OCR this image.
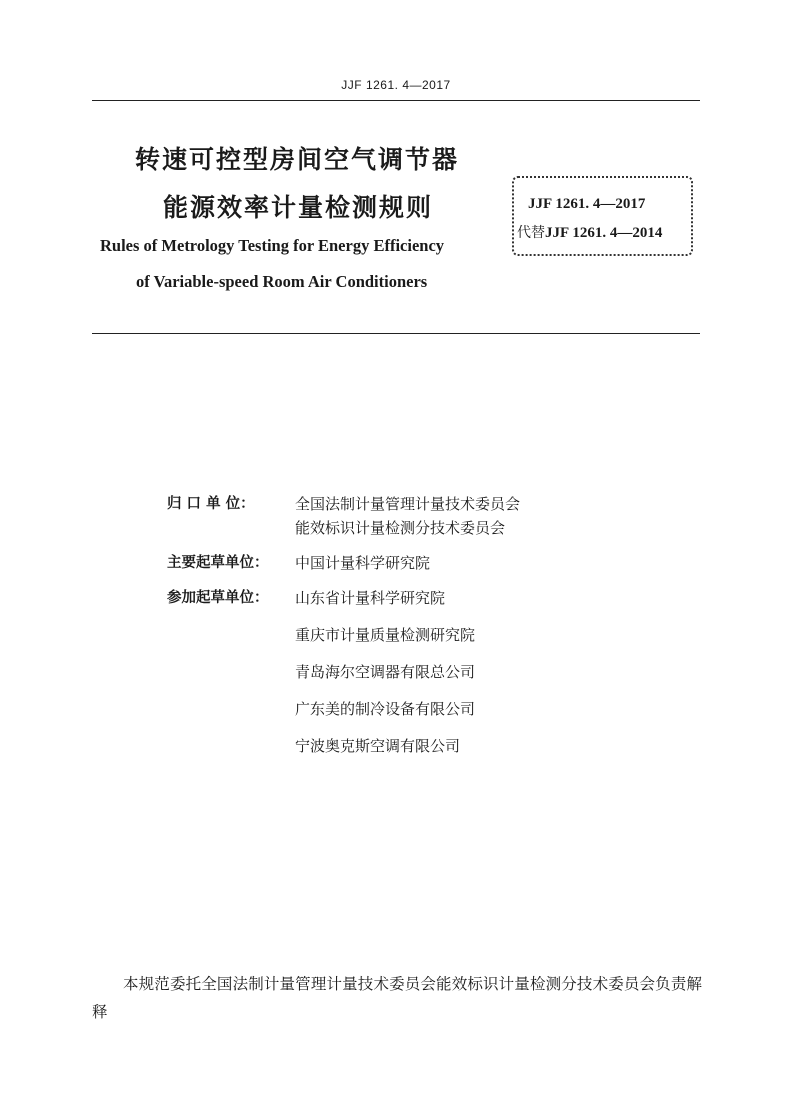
JJF 1261. 4—2017
转速可控型房间空气调节器
能源效率计量检测规则
Rules of Metrology Testing for Energy Efficiency
of Variable-speed Room Air Conditioners
JJF 1261. 4—2017
代替JJF 1261. 4—2014
归 口 单 位：	全国法制计量管理计量技术委员会
能效标识计量检测分技术委员会
主要起草单位：	中国计量科学研究院
参加起草单位：	山东省计量科学研究院
重庆市计量质量检测研究院
青岛海尔空调器有限总公司
广东美的制冷设备有限公司
宁波奥克斯空调有限公司
本规范委托全国法制计量管理计量技术委员会能效标识计量检测分技术委员会负责解释
